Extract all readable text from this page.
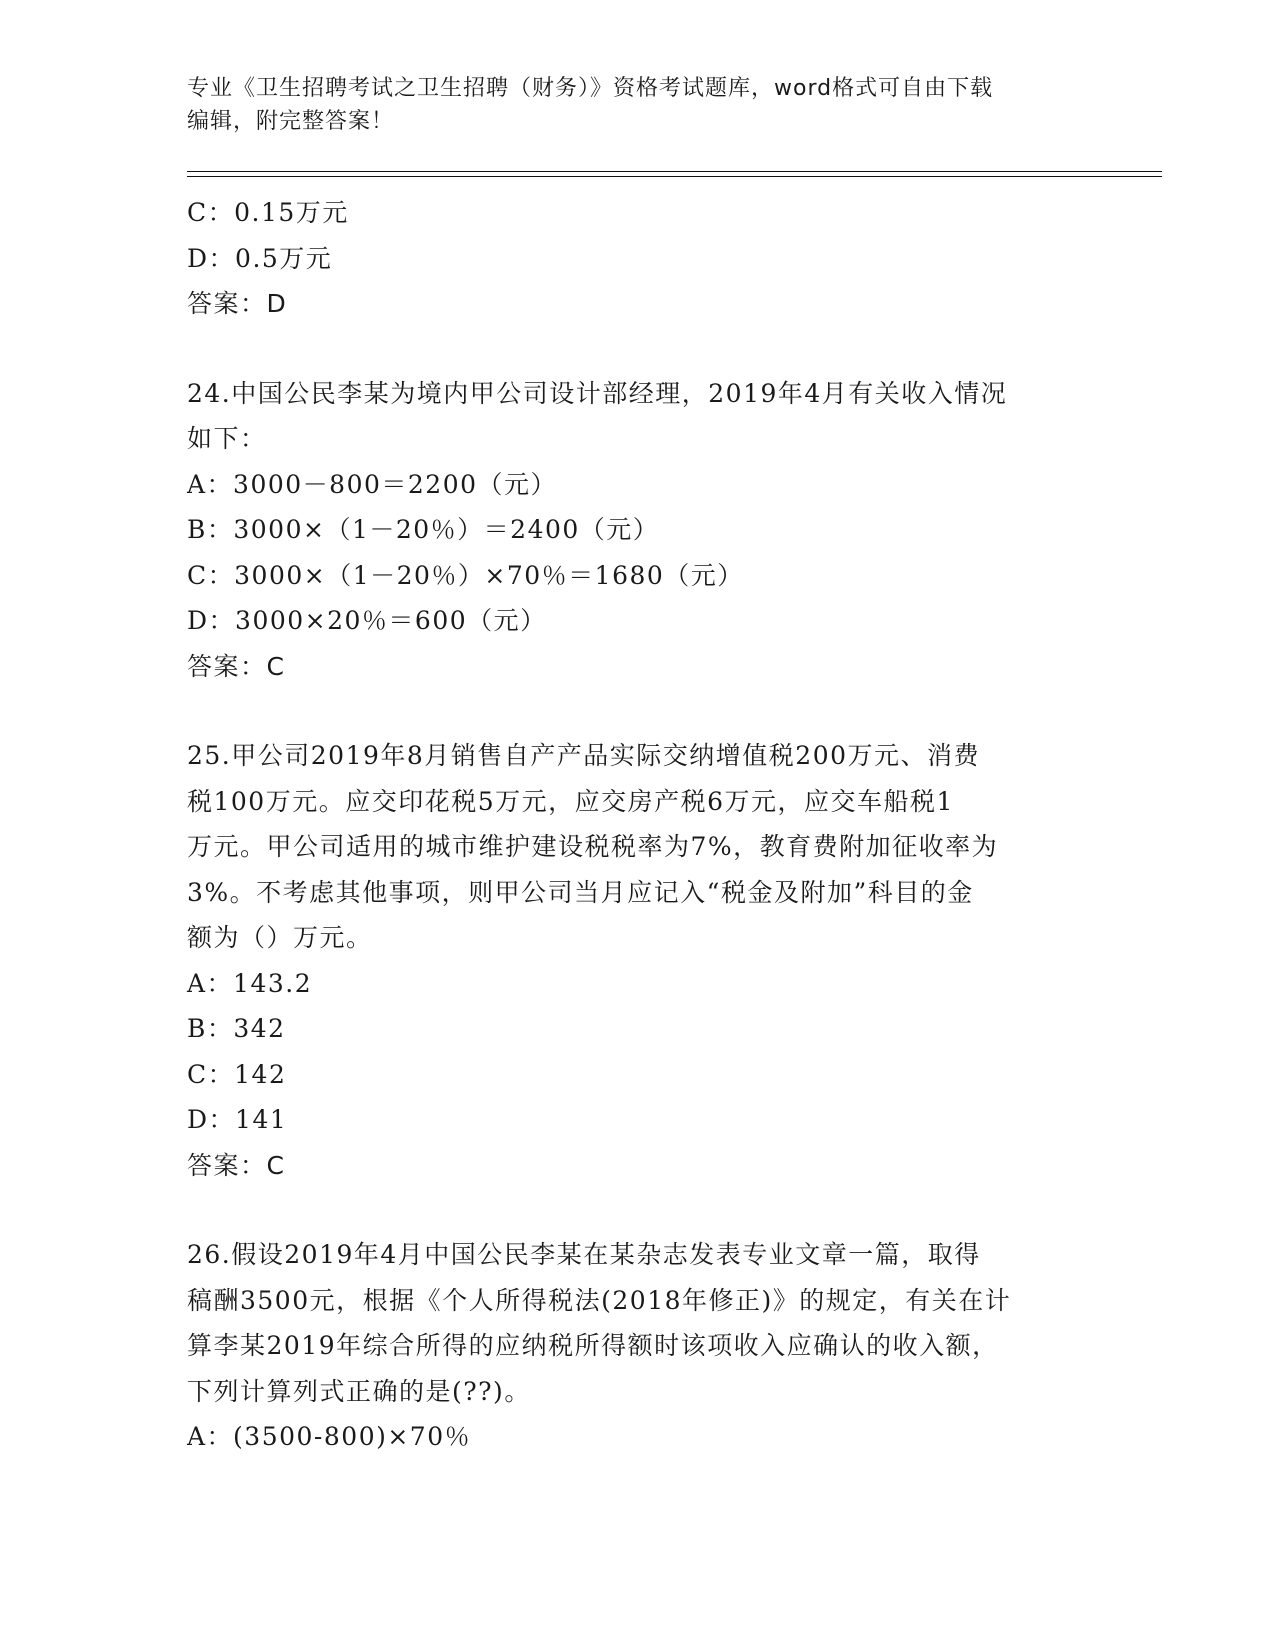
专业《卫生招聘考试之卫生招聘（财务）》资格考试题库，word格式可自由下载
编辑，附完整答案！
C：0.15万元
D：0.5万元
答案：D
24.中国公民李某为境内甲公司设计部经理，2019年4月有关收入情况
如下：
A：3000－800＝2200（元）
B：3000×（1－20％）＝2400（元）
C：3000×（1－20％）×70％＝1680（元）
D：3000×20％＝600（元）
答案：C
25.甲公司2019年8月销售自产产品实际交纳增值税200万元、消费
税100万元。应交印花税5万元，应交房产税6万元，应交车船税1
万元。甲公司适用的城市维护建设税税率为7%，教育费附加征收率为
3%。不考虑其他事项，则甲公司当月应记入“税金及附加”科目的金
额为（）万元。
A：143.2
B：342
C：142
D：141
答案：C
26.假设2019年4月中国公民李某在某杂志发表专业文章一篇，取得
稿酬3500元，根据《个人所得税法(2018年修正)》的规定，有关在计
算李某2019年综合所得的应纳税所得额时该项收入应确认的收入额，
下列计算列式正确的是(??)。
A：(3500-800)×70％
